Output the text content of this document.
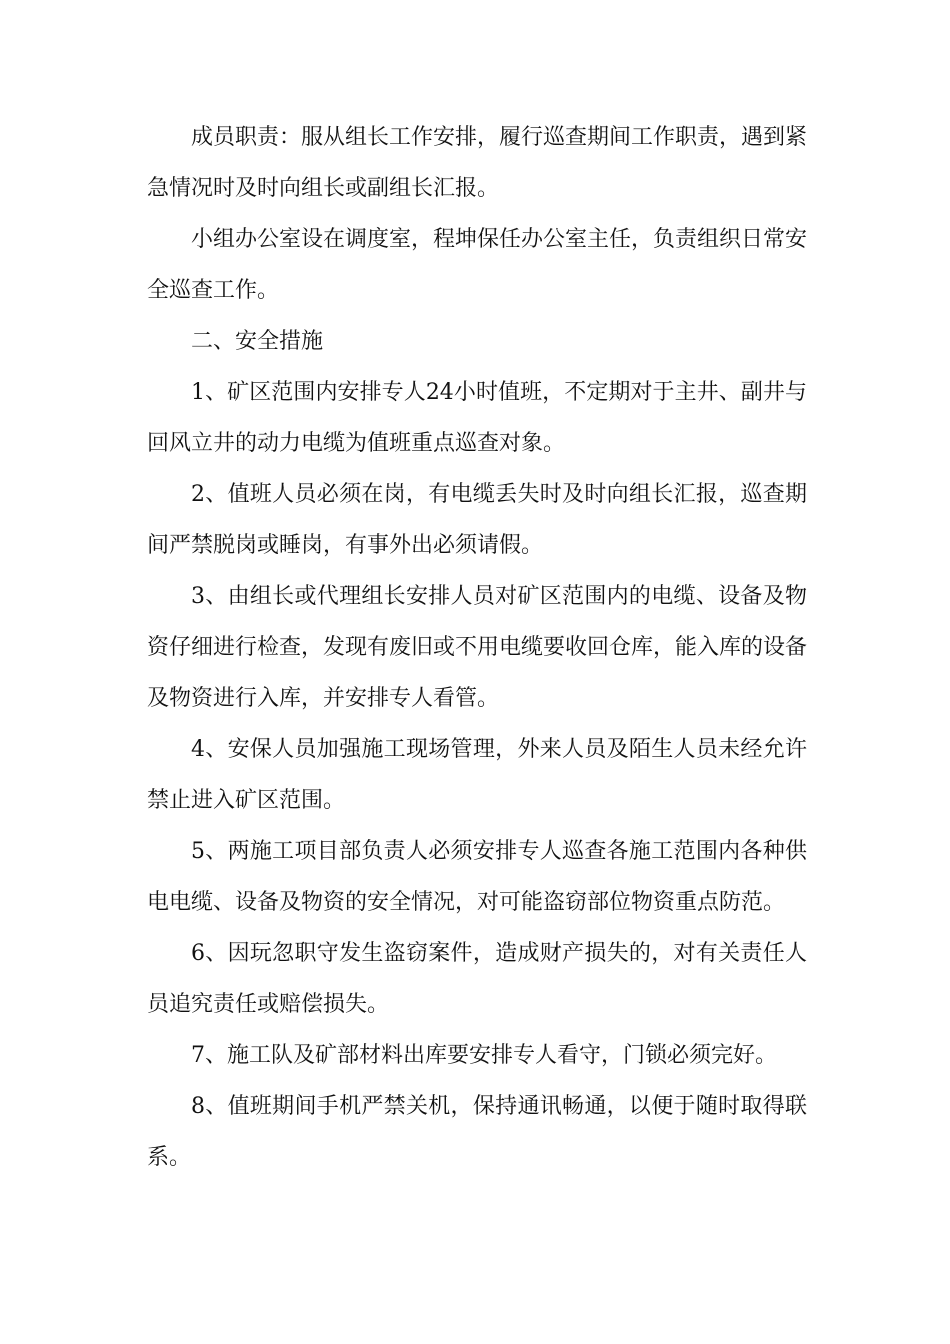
成员职责：服从组长工作安排，履行巡查期间工作职责，遇到紧急情况时及时向组长或副组长汇报。

小组办公室设在调度室，程坤保任办公室主任，负责组织日常安全巡查工作。

二、安全措施

1、矿区范围内安排专人24小时值班，不定期对于主井、副井与回风立井的动力电缆为值班重点巡查对象。

2、值班人员必须在岗，有电缆丢失时及时向组长汇报，巡查期间严禁脱岗或睡岗，有事外出必须请假。

3、由组长或代理组长安排人员对矿区范围内的电缆、设备及物资仔细进行检查，发现有废旧或不用电缆要收回仓库，能入库的设备及物资进行入库，并安排专人看管。

4、安保人员加强施工现场管理，外来人员及陌生人员未经允许禁止进入矿区范围。

5、两施工项目部负责人必须安排专人巡查各施工范围内各种供电电缆、设备及物资的安全情况，对可能盗窃部位物资重点防范。

6、因玩忽职守发生盗窃案件，造成财产损失的，对有关责任人员追究责任或赔偿损失。

7、施工队及矿部材料出库要安排专人看守，门锁必须完好。

8、值班期间手机严禁关机，保持通讯畅通，以便于随时取得联系。
